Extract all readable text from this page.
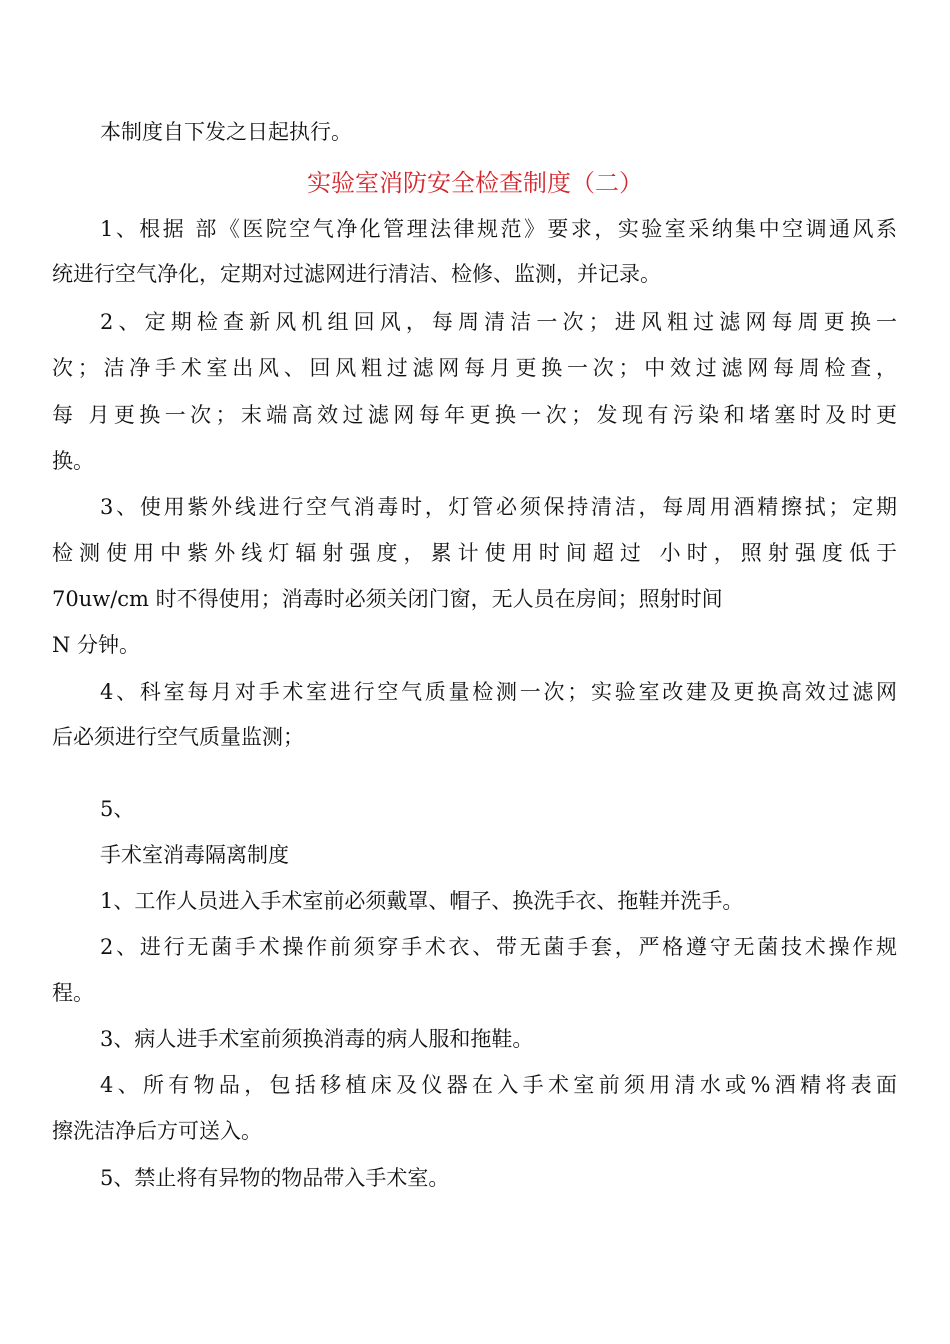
本制度自下发之日起执行。
实验室消防安全检查制度（二）
1、根据 部《医院空气净化管理法律规范》要求，实验室采纳集中空调通风系
统进行空气净化，定期对过滤网进行清洁、检修、监测，并记录。
2、定期检查新风机组回风，每周清洁一次；进风粗过滤网每周更换一
次；洁净手术室出风、回风粗过滤网每月更换一次；中效过滤网每周检查，
每 月更换一次；末端高效过滤网每年更换一次；发现有污染和堵塞时及时更
换。
3、使用紫外线进行空气消毒时，灯管必须保持清洁，每周用酒精擦拭；定期
检测使用中紫外线灯辐射强度，累计使用时间超过 小时，照射强度低于
70uw/cm 时不得使用；消毒时必须关闭门窗，无人员在房间；照射时间
N 分钟。
4、科室每月对手术室进行空气质量检测一次；实验室改建及更换高效过滤网
后必须进行空气质量监测；
5、
手术室消毒隔离制度
1、工作人员进入手术室前必须戴罩、帽子、换洗手衣、拖鞋并洗手。
2、进行无菌手术操作前须穿手术衣、带无菌手套，严格遵守无菌技术操作规
程。
3、病人进手术室前须换消毒的病人服和拖鞋。
4、所有物品，包括移植床及仪器在入手术室前须用清水或%酒精将表面
擦洗洁净后方可送入。
5、禁止将有异物的物品带入手术室。
